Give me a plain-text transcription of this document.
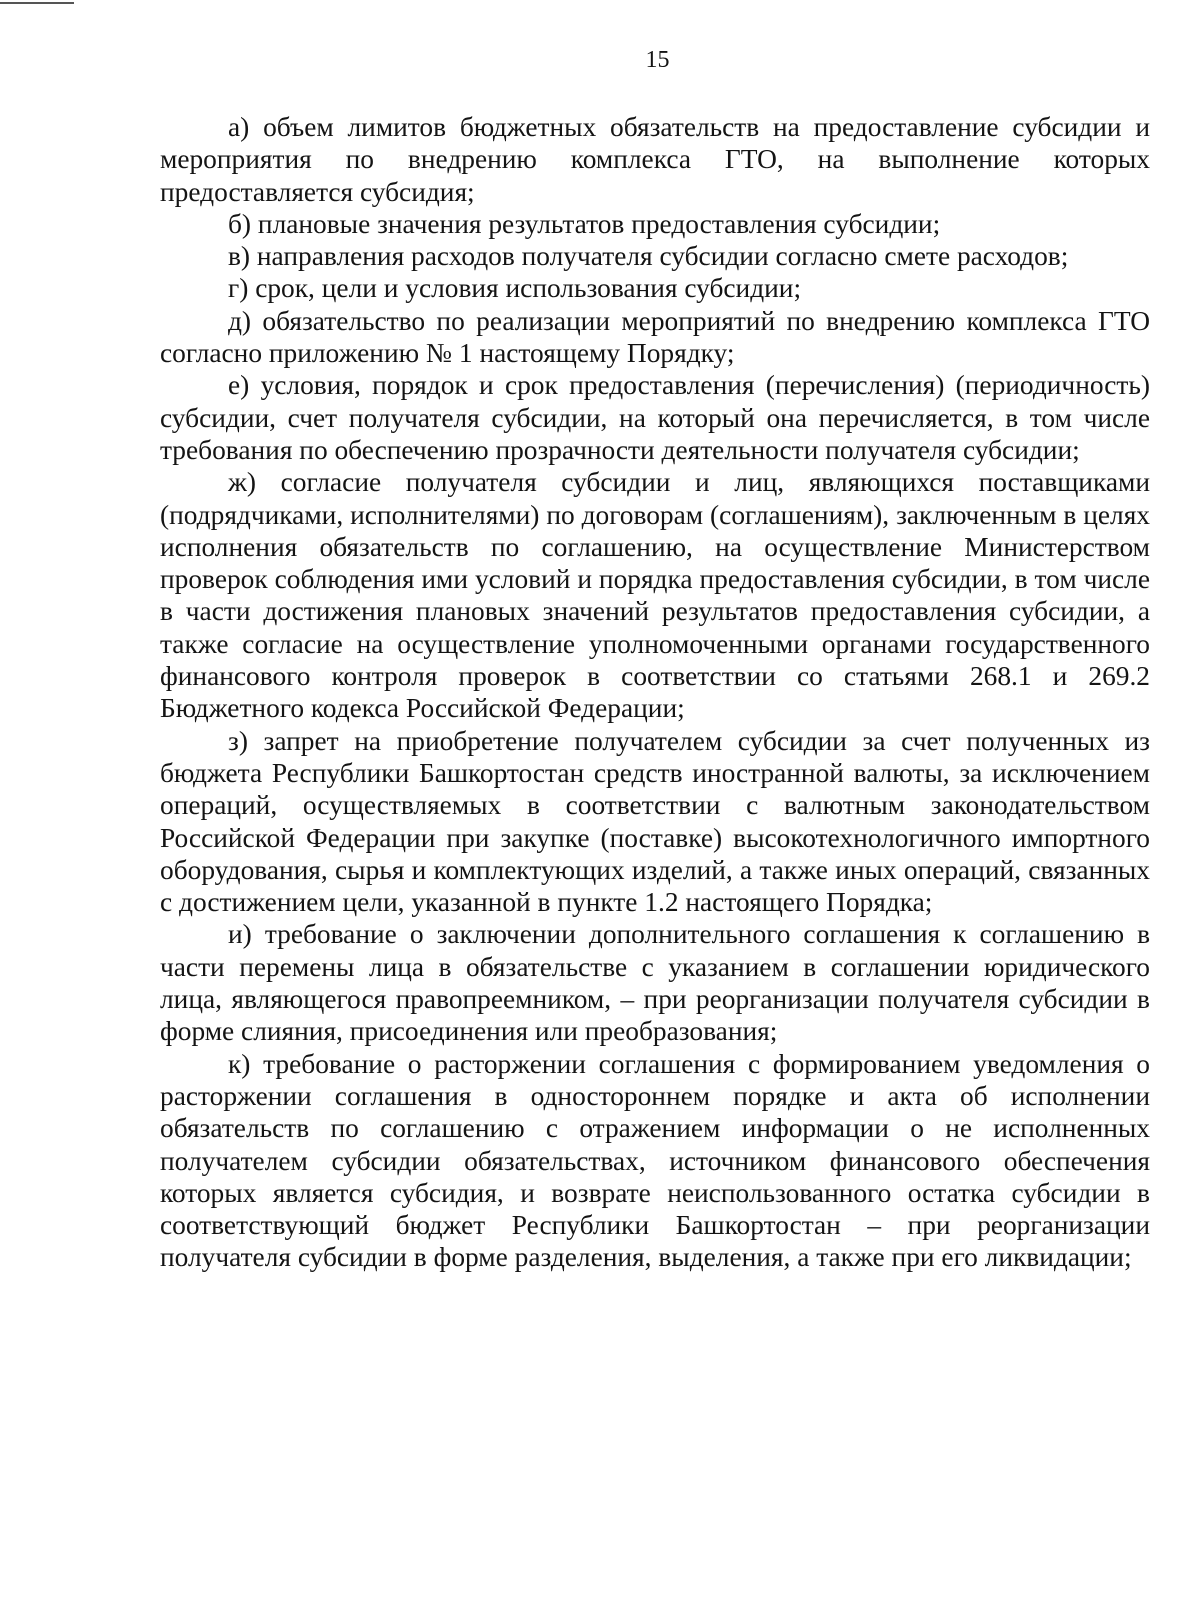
15

а) объем лимитов бюджетных обязательств на предоставление субсидии и мероприятия по внедрению комплекса ГТО, на выполнение которых предоставляется субсидия;

б) плановые значения результатов предоставления субсидии;

в) направления расходов получателя субсидии согласно смете расходов;

г) срок, цели и условия использования субсидии;

д) обязательство по реализации мероприятий по внедрению комплекса ГТО согласно приложению № 1 настоящему Порядку;

е) условия, порядок и срок предоставления (перечисления) (периодичность) субсидии, счет получателя субсидии, на который она перечисляется, в том числе требования по обеспечению прозрачности деятельности получателя субсидии;

ж) согласие получателя субсидии и лиц, являющихся поставщиками (подрядчиками, исполнителями) по договорам (соглашениям), заключенным в целях исполнения обязательств по соглашению, на осуществление Министерством проверок соблюдения ими условий и порядка предоставления субсидии, в том числе в части достижения плановых значений результатов предоставления субсидии, а также согласие на осуществление уполномоченными органами государственного финансового контроля проверок в соответствии со статьями 268.1 и 269.2 Бюджетного кодекса Российской Федерации;

з) запрет на приобретение получателем субсидии за счет полученных из бюджета Республики Башкортостан средств иностранной валюты, за исключением операций, осуществляемых в соответствии с валютным законодательством Российской Федерации при закупке (поставке) высокотехнологичного импортного оборудования, сырья и комплектующих изделий, а также иных операций, связанных с достижением цели, указанной в пункте 1.2 настоящего Порядка;

и) требование о заключении дополнительного соглашения к соглашению в части перемены лица в обязательстве с указанием в соглашении юридического лица, являющегося правопреемником, – при реорганизации получателя субсидии в форме слияния, присоединения или преобразования;

к) требование о расторжении соглашения с формированием уведомления о расторжении соглашения в одностороннем порядке и акта об исполнении обязательств по соглашению с отражением информации о не исполненных получателем субсидии обязательствах, источником финансового обеспечения которых является субсидия, и возврате неиспользованного остатка субсидии в соответствующий бюджет Республики Башкортостан – при реорганизации получателя субсидии в форме разделения, выделения, а также при его ликвидации;
